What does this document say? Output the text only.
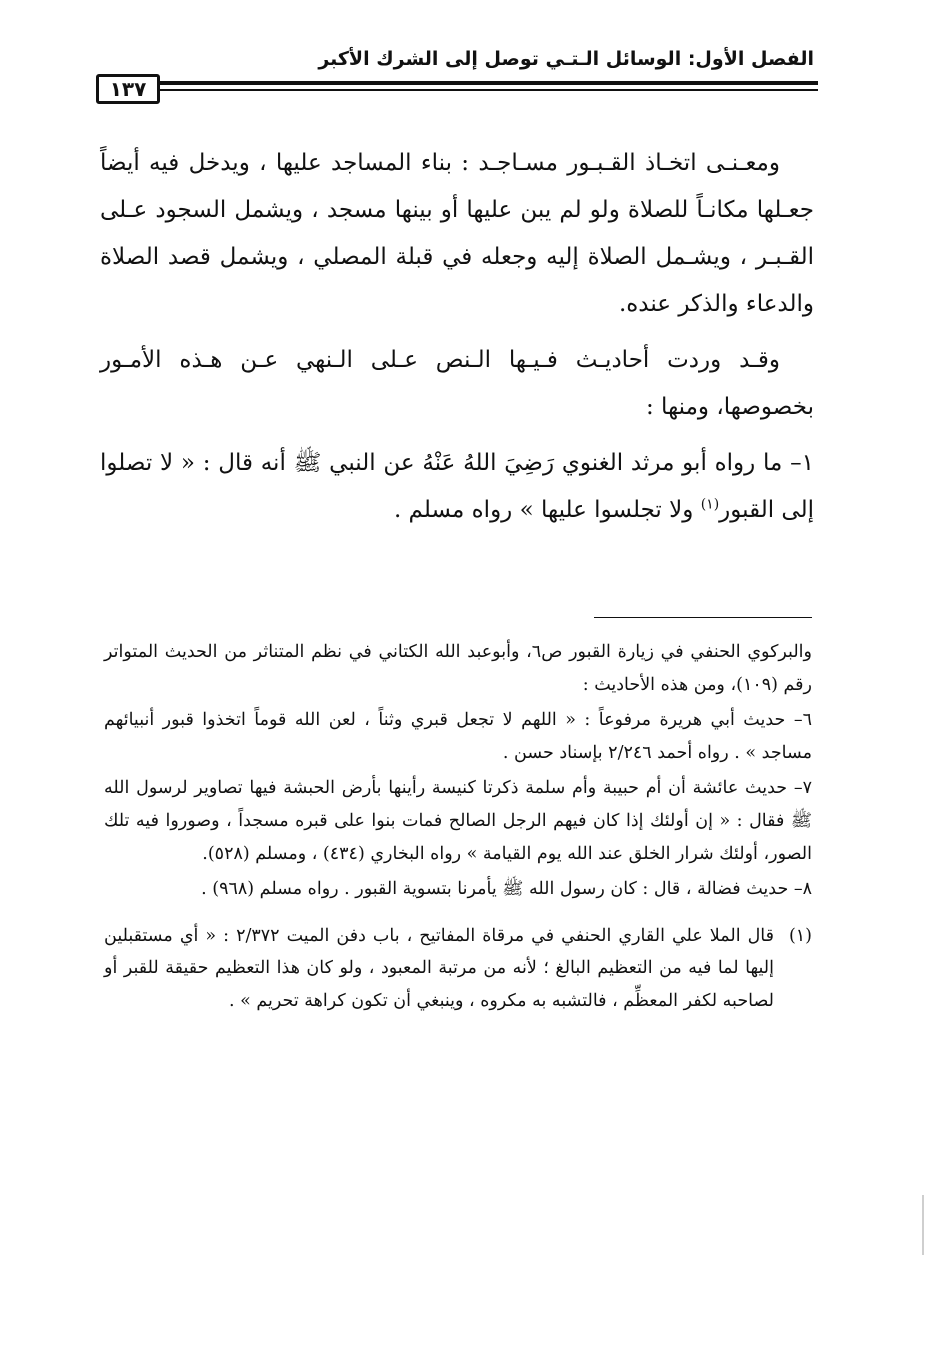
الفصل الأول: الوسائل الـتـي توصل إلى الشرك الأكبر
١٣٧

ومعـنـى اتخـاذ القـبـور مسـاجـد : بناء المساجد عليها ، ويدخل فيه أيضاً جعـلها مكانـاً للصلاة ولو لم يبن عليها أو بينها مسجد ، ويشمل السجود عـلى القـبـر ، ويشـمل الصلاة إليه وجعله في قبلة المصلي ، ويشمل قصد الصلاة والدعاء والذكر عنده.

وقـد وردت أحاديـث فـيـها الـنص عـلى الـنهي عـن هـذه الأمـور بخصوصها، ومنها :

١– ما رواه أبو مرثد الغنوي رَضِيَ اللهُ عَنْهُ عن النبي ﷺ أنه قال : « لا تصلوا إلى القبور$^{(١)}$ ولا تجلسوا عليها » رواه مسلم .

والبركوي الحنفي في زيارة القبور ص٦، وأبوعبد الله الكتاني في نظم المتناثر من الحديث المتواتر رقم (١٠٩)، ومن هذه الأحاديث :

٦– حديث أبي هريرة مرفوعاً : « اللهم لا تجعل قبري وثناً ، لعن الله قوماً اتخذوا قبور أنبيائهم مساجد » . رواه أحمد ٢/٢٤٦ بإسناد حسن .

٧– حديث عائشة أن أم حبيبة وأم سلمة ذكرتا كنيسة رأينها بأرض الحبشة فيها تصاوير لرسول الله ﷺ فقال : « إن أولئك إذا كان فيهم الرجل الصالح فمات بنوا على قبره مسجداً ، وصوروا فيه تلك الصور، أولئك شرار الخلق عند الله يوم القيامة » رواه البخاري (٤٣٤) ، ومسلم (٥٢٨).

٨– حديث فضالة ، قال : كان رسول الله ﷺ يأمرنا بتسوية القبور . رواه مسلم (٩٦٨) .

(١)
قال الملا علي القاري الحنفي في مرقاة المفاتيح ، باب دفن الميت ٢/٣٧٢ : « أي مستقبلين إليها لما فيه من التعظيم البالغ ؛ لأنه من مرتبة المعبود ، ولو كان هذا التعظيم حقيقة للقبر أو لصاحبه لكفر المعظِّم ، فالتشبه به مكروه ، وينبغي أن تكون كراهة تحريم » .
